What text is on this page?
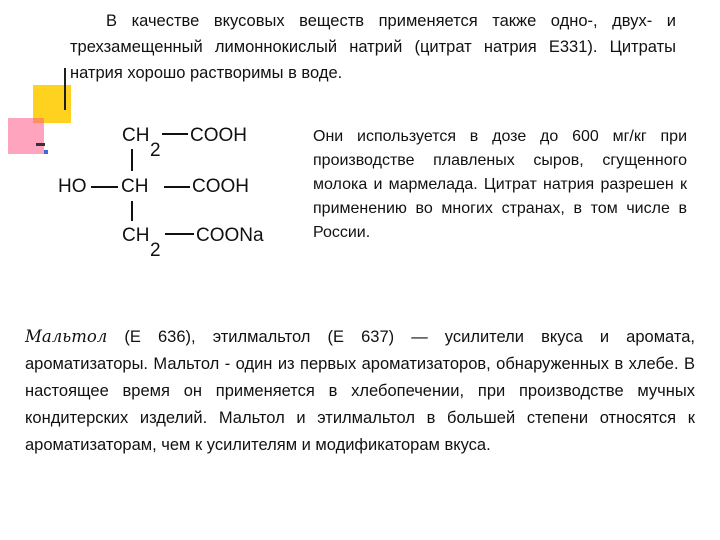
В качестве вкусовых веществ применяется также одно-, двух- и трехзамещенный лимоннокислый натрий (цитрат натрия Е331). Цитраты натрия хорошо растворимы в воде.

CH
2
COOH
HO CH COOH
CH
2
COONa

Они используется в дозе до 600 мг/кг при производстве плавленых сыров, сгущенного молока и мармелада. Цитрат натрия разрешен к применению во многих странах, в том числе в России.

Мальтол (Е 636), этилмальтол (Е 637) — усилители вкуса и аромата, ароматизаторы. Мальтол - один из первых ароматизаторов, обнаруженных в хлебе. В настоящее время он применяется в хлебопечении, при производстве мучных кондитерских изделий. Мальтол и этилмальтол в большей степени относятся к ароматизаторам, чем к усилителям и модификаторам вкуса.
